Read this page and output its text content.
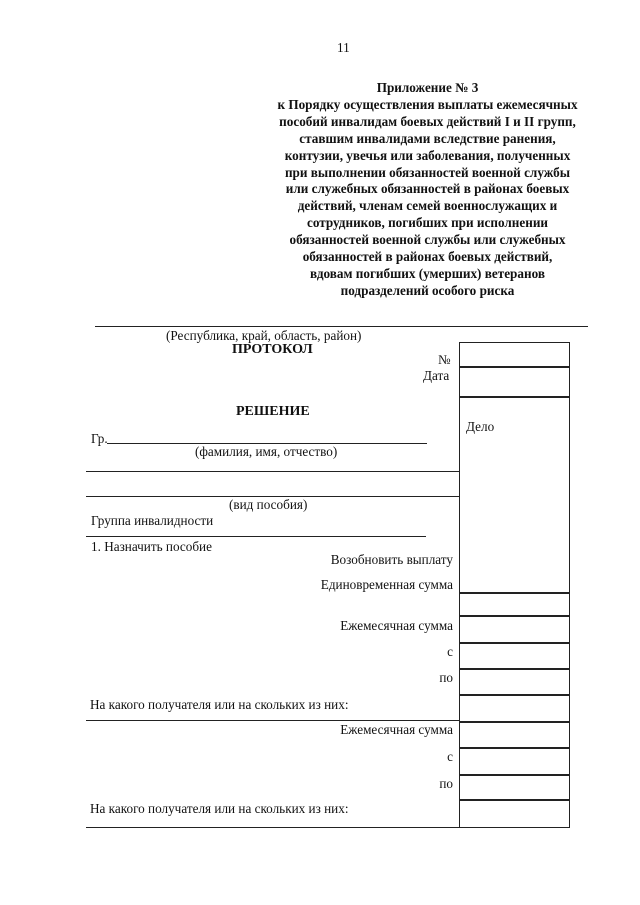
11
Приложение № 3
к Порядку осуществления выплаты ежемесячных
пособий инвалидам боевых действий I и II групп,
ставшим инвалидами вследствие ранения,
контузии, увечья или заболевания, полученных
при выполнении обязанностей военной службы
или служебных обязанностей в районах боевых
действий, членам семей военнослужащих и
сотрудников, погибших при исполнении
обязанностей военной службы или служебных
обязанностей в районах боевых действий,
вдовам погибших (умерших) ветеранов
подразделений особого риска
(Республика, край, область, район)
ПРОТОКОЛ
№
Дата
Дело
РЕШЕНИЕ
Гр.
(фамилия, имя, отчество)
(вид пособия)
Группа инвалидности
1. Назначить пособие
Возобновить выплату
Единовременная сумма
Ежемесячная сумма
с
по
На какого получателя или на скольких из них:
Ежемесячная сумма
с
по
На какого получателя или на скольких из них:
